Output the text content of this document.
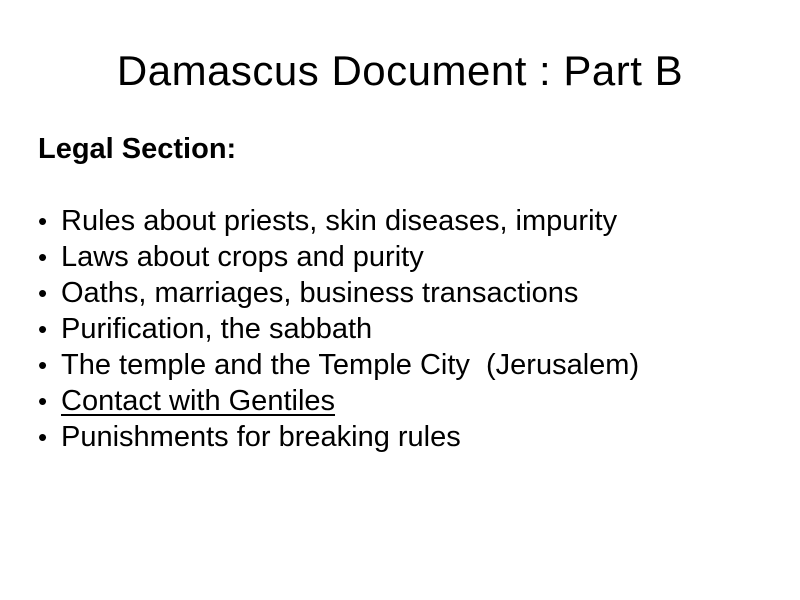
Damascus Document : Part B
Legal Section:
• Rules about priests, skin diseases, impurity
• Laws about crops and purity
• Oaths, marriages, business transactions
• Purification, the sabbath
• The temple and the Temple City  (Jerusalem)
• Contact with Gentiles
• Punishments for breaking rules
